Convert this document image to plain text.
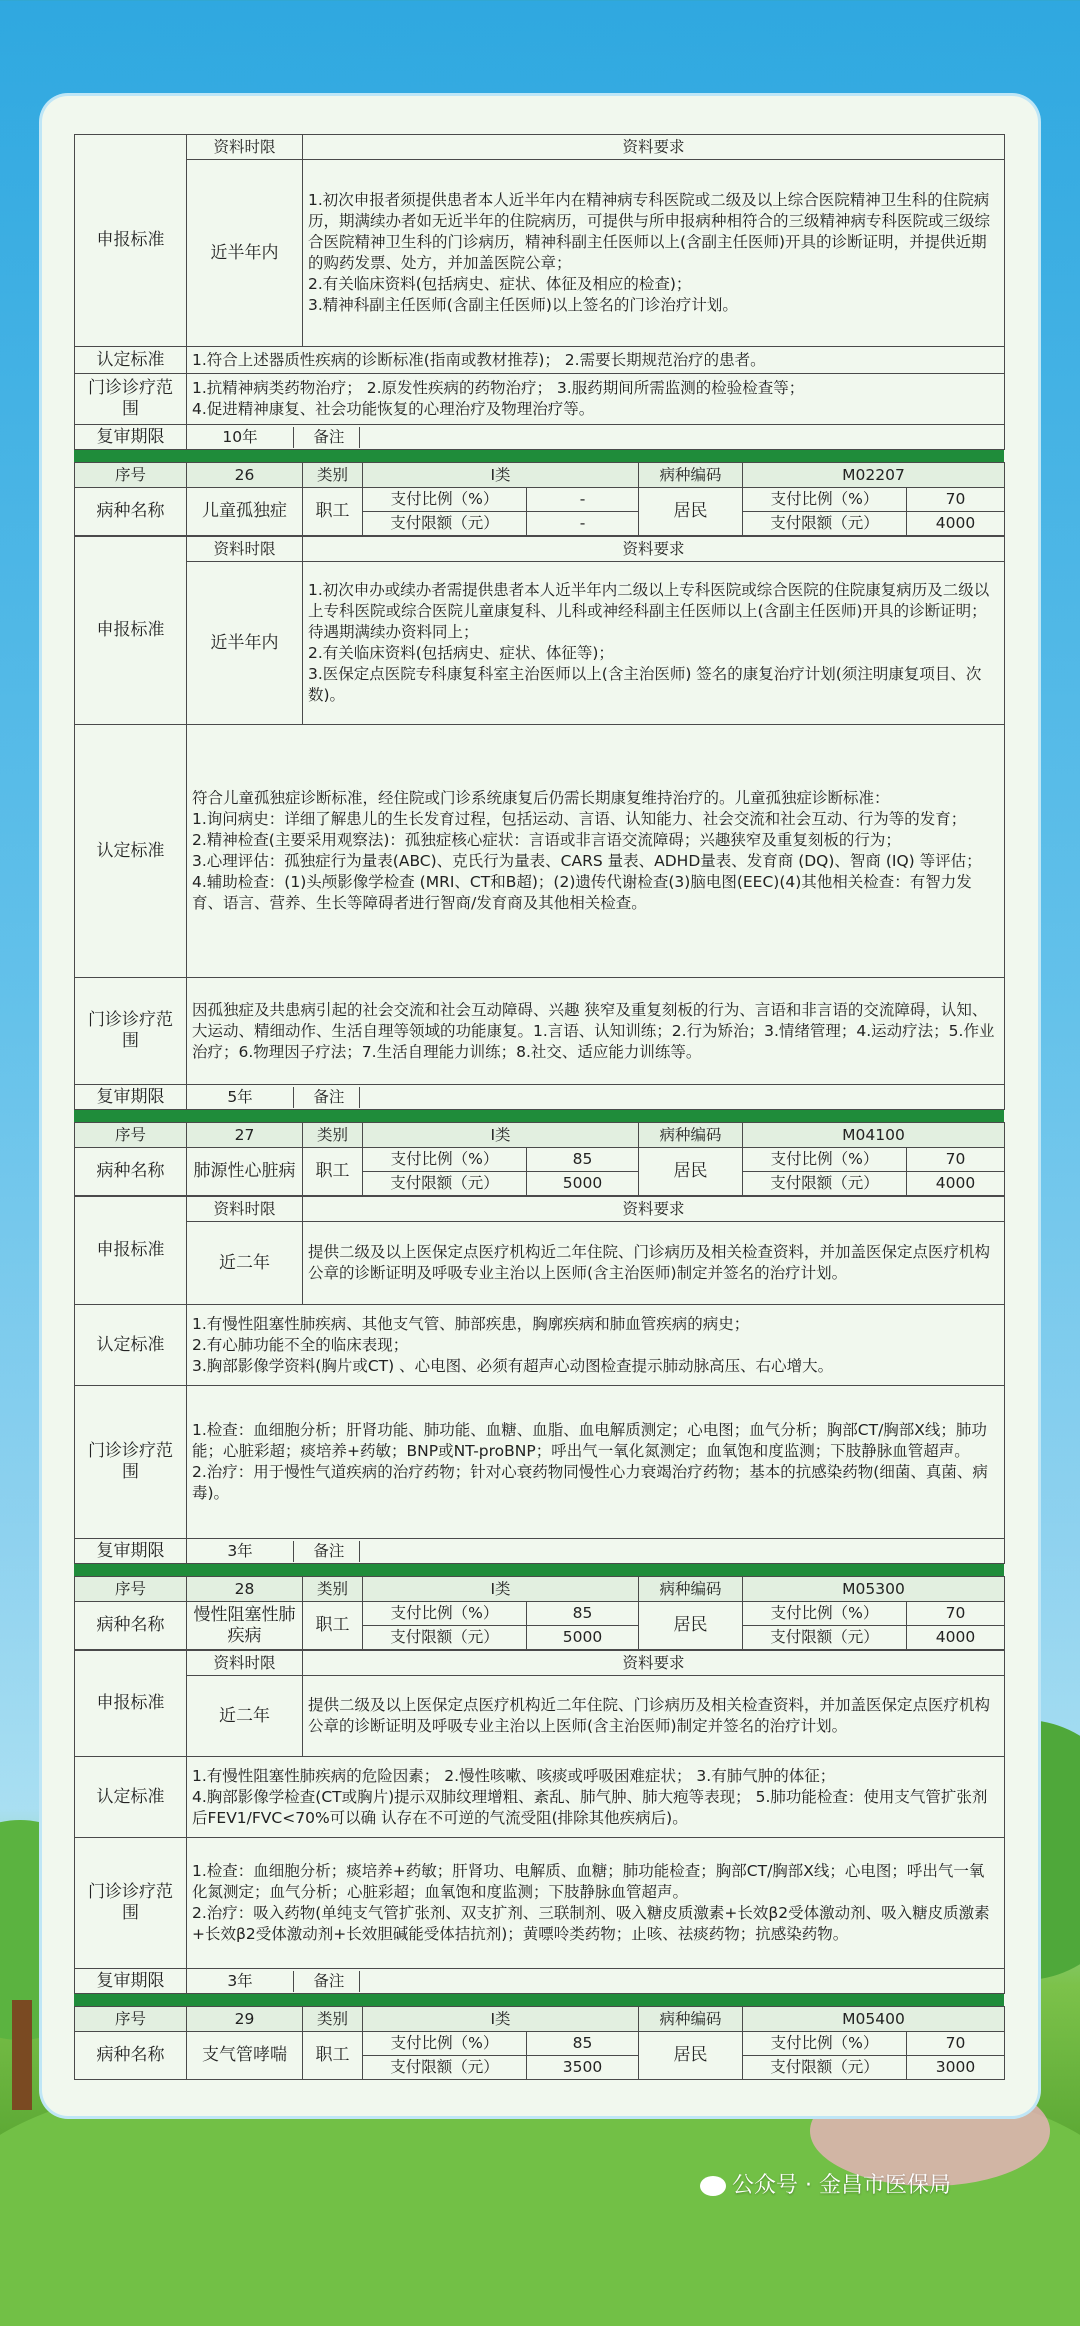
申报标准	资料时限	资料要求
	近半年内	1.初次申报者须提供患者本人近半年内在精神病专科医院或二级及以上综合医院精神卫生科的住院病历，期满续办者如无近半年的住院病历，可提供与所申报病种相符合的三级精神病专科医院或三级综合医院精神卫生科的门诊病历，精神科副主任医师以上(含副主任医师)开具的诊断证明，并提供近期的购药发票、处方，并加盖医院公章；
2.有关临床资料(包括病史、症状、体征及相应的检查)；
3.精神科副主任医师(含副主任医师)以上签名的门诊治疗计划。
认定标准	1.符合上述器质性疾病的诊断标准(指南或教材推荐)； 2.需要长期规范治疗的患者。	
门诊诊疗范围	1.抗精神病类药物治疗； 2.原发性疾病的药物治疗； 3.服药期间所需监测的检验检查等；
4.促进精神康复、社会功能恢复的心理治疗及物理治疗等。	
复审期限	10年 备注	
序号	26	类别	Ⅰ类		病种编码	M02207	
病种名称	儿童孤独症	职工	支付比例（%）	-	居民	支付比例（%）	70
			支付限额（元）	-		支付限额（元）	4000
申报标准	资料时限	资料要求
	近半年内	1.初次申办或续办者需提供患者本人近半年内二级以上专科医院或综合医院的住院康复病历及二级以上专科医院或综合医院儿童康复科、儿科或神经科副主任医师以上(含副主任医师)开具的诊断证明；待遇期满续办资料同上；
2.有关临床资料(包括病史、症状、体征等)；
3.医保定点医院专科康复科室主治医师以上(含主治医师) 签名的康复治疗计划(须注明康复项目、次数)。
认定标准	符合儿童孤独症诊断标准，经住院或门诊系统康复后仍需长期康复维持治疗的。儿童孤独症诊断标准：
1.询问病史：详细了解患儿的生长发育过程，包括运动、言语、认知能力、社会交流和社会互动、行为等的发育；
2.精神检查(主要采用观察法)：孤独症核心症状：言语或非言语交流障碍；兴趣狭窄及重复刻板的行为；
3.心理评估：孤独症行为量表(ABC)、克氏行为量表、CARS 量表、ADHD量表、发育商 (DQ)、智商 (IQ) 等评估；
4.辅助检查：(1)头颅影像学检查 (MRI、CT和B超)；(2)遗传代谢检查(3)脑电图(EEC)(4)其他相关检查：有智力发育、语言、营养、生长等障碍者进行智商/发育商及其他相关检查。	
门诊诊疗范围	因孤独症及共患病引起的社会交流和社会互动障碍、兴趣 狭窄及重复刻板的行为、言语和非言语的交流障碍，认知、大运动、精细动作、生活自理等领域的功能康复。1.言语、认知训练；2.行为矫治；3.情绪管理；4.运动疗法；5.作业治疗；6.物理因子疗法；7.生活自理能力训练；8.社交、适应能力训练等。	
复审期限	5年 备注	
序号	27	类别	Ⅰ类		病种编码	M04100	
病种名称	肺源性心脏病	职工	支付比例（%）	85	居民	支付比例（%）	70
			支付限额（元）	5000		支付限额（元）	4000
申报标准	资料时限	资料要求
	近二年	提供二级及以上医保定点医疗机构近二年住院、门诊病历及相关检查资料，并加盖医保定点医疗机构公章的诊断证明及呼吸专业主治以上医师(含主治医师)制定并签名的治疗计划。
认定标准	1.有慢性阻塞性肺疾病、其他支气管、肺部疾患，胸廓疾病和肺血管疾病的病史；
2.有心肺功能不全的临床表现；
3.胸部影像学资料(胸片或CT) 、心电图、必须有超声心动图检查提示肺动脉高压、右心增大。	
门诊诊疗范围	1.检查：血细胞分析；肝肾功能、肺功能、血糖、血脂、血电解质测定；心电图；血气分析；胸部CT/胸部X线；肺功能；心脏彩超；痰培养+药敏；BNP或NT-proBNP；呼出气一氧化氮测定；血氧饱和度监测；下肢静脉血管超声。
2.治疗：用于慢性气道疾病的治疗药物；针对心衰药物同慢性心力衰竭治疗药物；基本的抗感染药物(细菌、真菌、病毒)。	
复审期限	3年 备注	
序号	28	类别	Ⅰ类		病种编码	M05300	
病种名称	慢性阻塞性肺疾病	职工	支付比例（%）	85	居民	支付比例（%）	70
			支付限额（元）	5000		支付限额（元）	4000
申报标准	资料时限	资料要求
	近二年	提供二级及以上医保定点医疗机构近二年住院、门诊病历及相关检查资料，并加盖医保定点医疗机构公章的诊断证明及呼吸专业主治以上医师(含主治医师)制定并签名的治疗计划。
认定标准	1.有慢性阻塞性肺疾病的危险因素； 2.慢性咳嗽、咳痰或呼吸困难症状； 3.有肺气肿的体征；
4.胸部影像学检查(CT或胸片)提示双肺纹理增粗、紊乱、肺气肿、肺大疱等表现； 5.肺功能检查：使用支气管扩张剂后FEV1/FVC<70%可以确 认存在不可逆的气流受阻(排除其他疾病后)。	
门诊诊疗范围	1.检查：血细胞分析；痰培养+药敏；肝肾功、电解质、血糖；肺功能检查；胸部CT/胸部X线；心电图；呼出气一氧化氮测定；血气分析；心脏彩超；血氧饱和度监测；下肢静脉血管超声。
2.治疗：吸入药物(单纯支气管扩张剂、双支扩剂、三联制剂、吸入糖皮质激素+长效β2受体激动剂、吸入糖皮质激素+长效β2受体激动剂+长效胆碱能受体拮抗剂)；黄嘌呤类药物；止咳、祛痰药物；抗感染药物。	
复审期限	3年 备注	
序号	29	类别	Ⅰ类		病种编码	M05400	
病种名称	支气管哮喘	职工	支付比例（%）	85	居民	支付比例（%）	70
			支付限额（元）	3500		支付限额（元）	3000
公众号 · 金昌市医保局
